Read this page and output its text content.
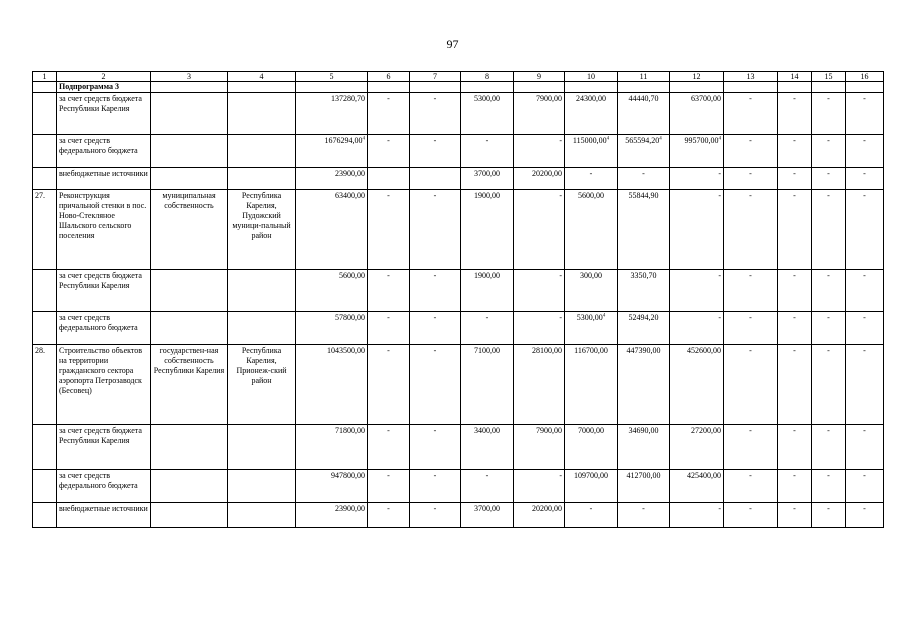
97
1	2	3	4	5	6	7	8	9	10	11	12	13	14	15	16
	Подпрограмма 3														
	за счет средств бюджета Республики Карелия			137280,70	-	-	5300,00	7900,00	24300,00	44440,70	63700,00	-	-	-	-
	за счет средств федерального бюджета			1676294,00$^4$	-	-	-	-	115000,00$^4$	565594,20$^4$	995700,00$^4$	-	-	-	-
	внебюджетные источники			23900,00			3700,00	20200,00	-	-	-	-	-	-	-
27.	Реконструкция причальной стенки в пос. Ново-Стекляное Шальского сельского поселения	муниципальная собственность	Республика Карелия, Пудожский муници-пальный район	63400,00	-	-	1900,00	-	5600,00	55844,90	-	-	-	-	-
	за счет средств бюджета Республики Карелия			5600,00	-	-	1900,00	-	300,00	3350,70	-	-	-	-	-
	за счет средств федерального бюджета			57800,00	-	-	-	-	5300,00$^4$	52494,20	-	-	-	-	-
28.	Строительство объектов на территории гражданского сектора аэропорта Петрозаводск (Бесовец)	государствен-ная собственность Республики Карелия	Республика Карелия, Прионеж-ский район	1043500,00	-	-	7100,00	28100,00	116700,00	447390,00	452600,00	-	-	-	-
	за счет средств бюджета Республики Карелия			71800,00	-	-	3400,00	7900,00	7000,00	34690,00	27200,00	-	-	-	-
	за счет средств федерального бюджета			947800,00	-	-	-	-	109700,00	412700,00	425400,00	-	-	-	-
	внебюджетные источники			23900,00	-	-	3700,00	20200,00	-	-	-	-	-	-	-
